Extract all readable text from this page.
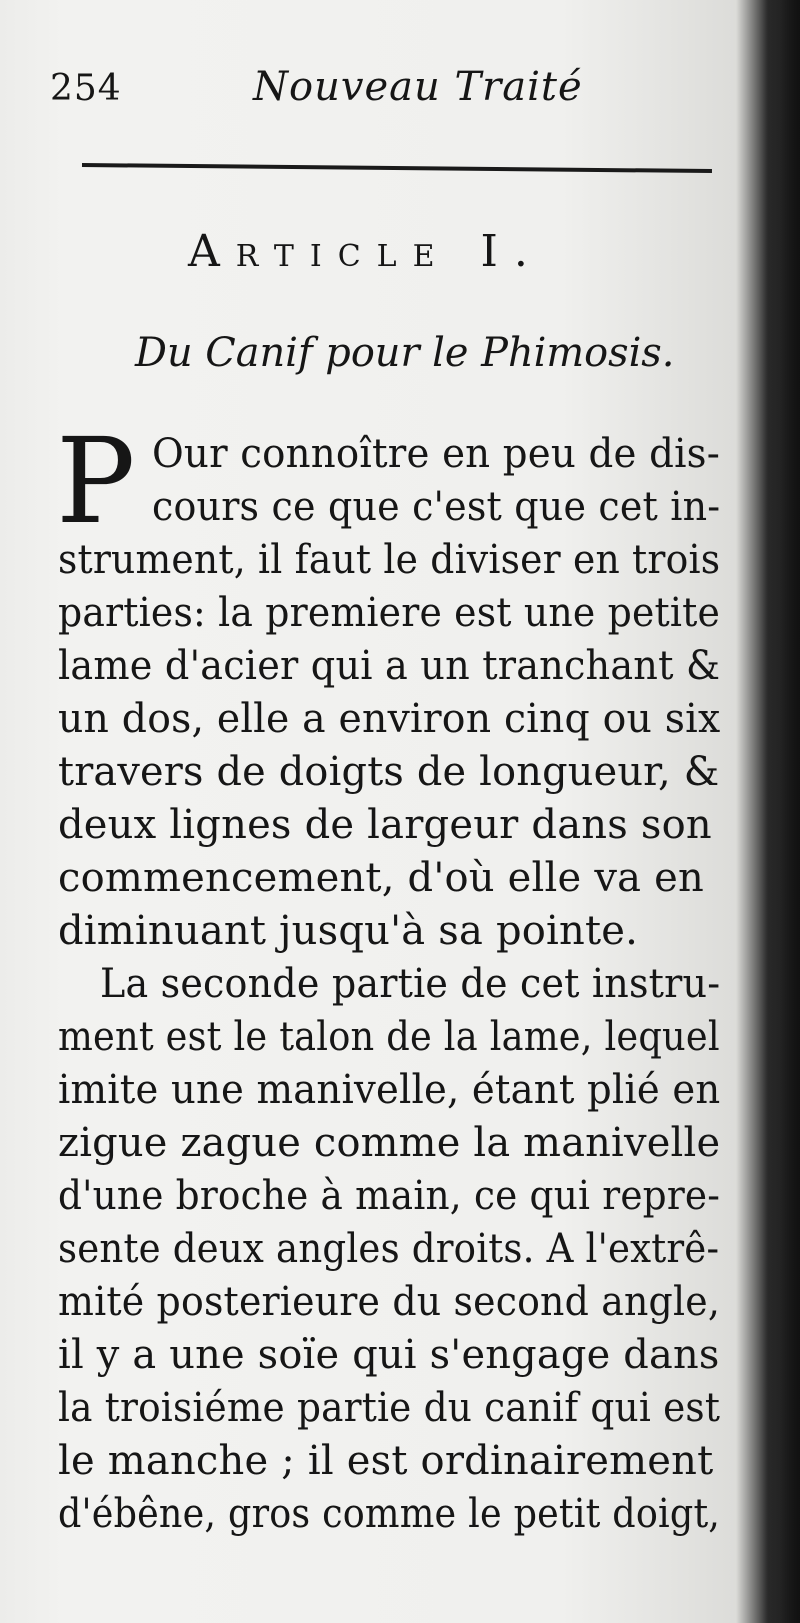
254	Nouveau Traité
ARTICLE I.
Du Canif pour le Phimosis.
P Our connoître en peu de dis-
cours ce que c'est que cet in-
strument, il faut le diviser en trois
parties: la premiere est une petite
lame d'acier qui a un tranchant &
un dos, elle a environ cinq ou six
travers de doigts de longueur, &
deux lignes de largeur dans son
commencement, d'où elle va en
diminuant jusqu'à sa pointe.
La seconde partie de cet instru-
ment est le talon de la lame, lequel
imite une manivelle, étant plié en
zigue zague comme la manivelle
d'une broche à main, ce qui repre-
sente deux angles droits. A l'extrê-
mité posterieure du second angle,
il y a une soïe qui s'engage dans
la troisiéme partie du canif qui est
le manche ; il est ordinairement
d'ébêne, gros comme le petit doigt,
